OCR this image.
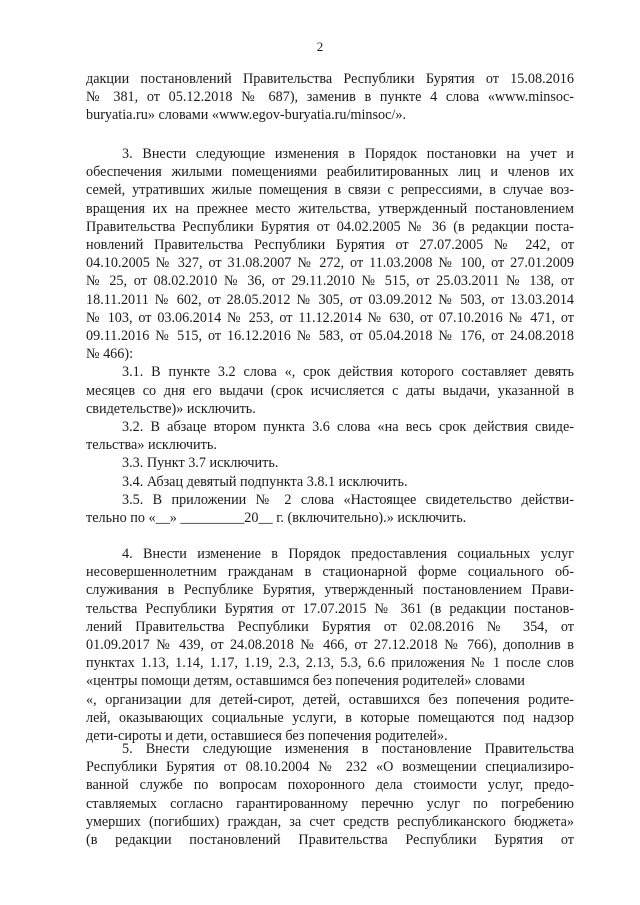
2
дакции постановлений Правительства Республики Бурятия от 15.08.2016
№ 381, от 05.12.2018 № 687), заменив в пункте 4 слова «www.minsoc-
buryatia.ru» словами «www.egov-buryatia.ru/minsoc/».
3. Внести следующие изменения в Порядок постановки на учет и
обеспечения жилыми помещениями реабилитированных лиц и членов их
семей, утративших жилые помещения в связи с репрессиями, в случае воз-
вращения их на прежнее место жительства, утвержденный постановлением
Правительства Республики Бурятия от 04.02.2005 № 36 (в редакции поста-
новлений Правительства Республики Бурятия от 27.07.2005 № 242, от
04.10.2005 № 327, от 31.08.2007 № 272, от 11.03.2008 № 100, от 27.01.2009
№ 25, от 08.02.2010 № 36, от 29.11.2010 № 515, от 25.03.2011 № 138, от
18.11.2011 № 602, от 28.05.2012 № 305, от 03.09.2012 № 503, от 13.03.2014
№ 103, от 03.06.2014 № 253, от 11.12.2014 № 630, от 07.10.2016 № 471, от
09.11.2016 № 515, от 16.12.2016 № 583, от 05.04.2018 № 176, от 24.08.2018
№ 466):
3.1. В пункте 3.2 слова «, срок действия которого составляет девять
месяцев со дня его выдачи (срок исчисляется с даты выдачи, указанной в
свидетельстве)» исключить.
3.2. В абзаце втором пункта 3.6 слова «на весь срок действия свиде-
тельства» исключить.
3.3. Пункт 3.7 исключить.
3.4. Абзац девятый подпункта 3.8.1 исключить.
3.5. В приложении № 2 слова «Настоящее свидетельство действи-
тельно по «__» _________20__ г. (включительно).» исключить.
4. Внести изменение в Порядок предоставления социальных услуг
несовершеннолетним гражданам в стационарной форме социального об-
служивания в Республике Бурятия, утвержденный постановлением Прави-
тельства Республики Бурятия от 17.07.2015 № 361 (в редакции постанов-
лений Правительства Республики Бурятия от 02.08.2016 № 354, от
01.09.2017 № 439, от 24.08.2018 № 466, от 27.12.2018 № 766), дополнив в
пунктах 1.13, 1.14, 1.17, 1.19, 2.3, 2.13, 5.3, 6.6 приложения № 1 после слов
«центры помощи детям, оставшимся без попечения родителей» словами
«, организации для детей-сирот, детей, оставшихся без попечения родите-
лей, оказывающих социальные услуги, в которые помещаются под надзор
дети-сироты и дети, оставшиеся без попечения родителей».
5. Внести следующие изменения в постановление Правительства
Республики Бурятия от 08.10.2004 № 232 «О возмещении специализиро-
ванной службе по вопросам похоронного дела стоимости услуг, предо-
ставляемых согласно гарантированному перечню услуг по погребению
умерших (погибших) граждан, за счет средств республиканского бюджета»
(в редакции постановлений Правительства Республики Бурятия от
